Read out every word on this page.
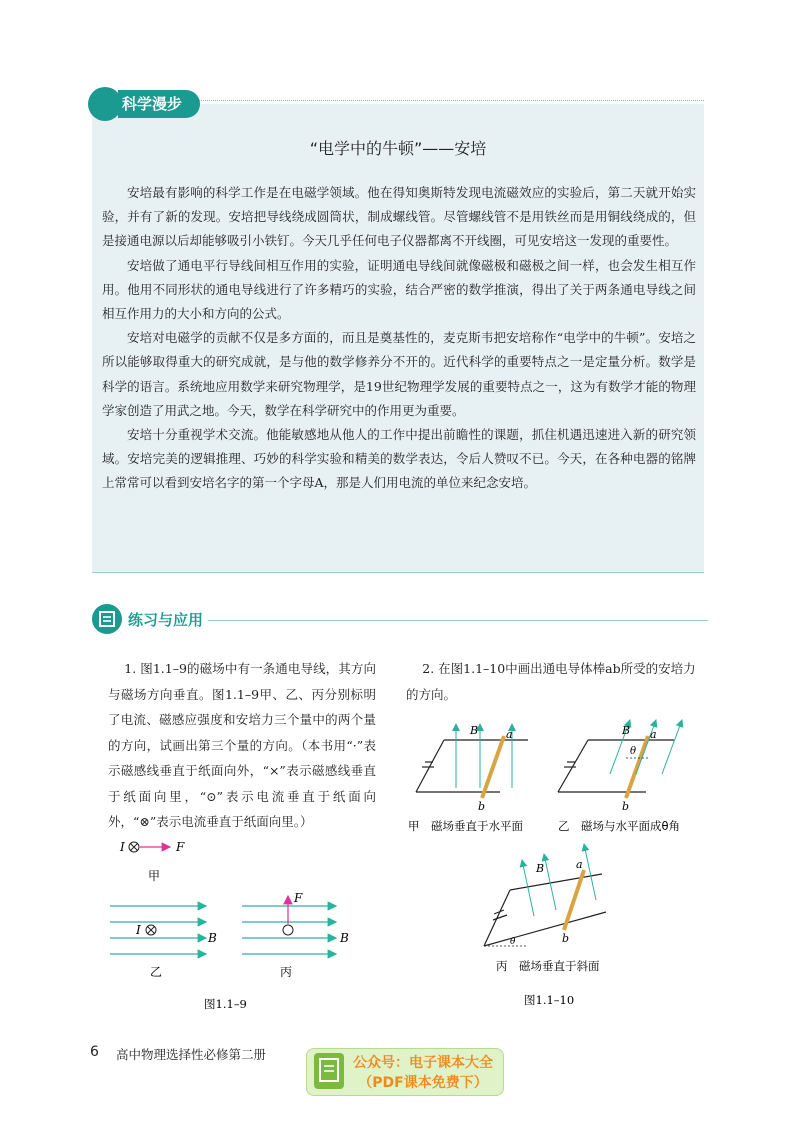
科学漫步
“电学中的牛顿”——安培

安培最有影响的科学工作是在电磁学领域。他在得知奥斯特发现电流磁效应的实验后，第二天就开始实验，并有了新的发现。安培把导线绕成圆筒状，制成螺线管。尽管螺线管不是用铁丝而是用铜线绕成的，但是接通电源以后却能够吸引小铁钉。今天几乎任何电子仪器都离不开线圈，可见安培这一发现的重要性。

安培做了通电平行导线间相互作用的实验，证明通电导线间就像磁极和磁极之间一样，也会发生相互作用。他用不同形状的通电导线进行了许多精巧的实验，结合严密的数学推演，得出了关于两条通电导线之间相互作用力的大小和方向的公式。

安培对电磁学的贡献不仅是多方面的，而且是奠基性的，麦克斯韦把安培称作“电学中的牛顿”。安培之所以能够取得重大的研究成就，是与他的数学修养分不开的。近代科学的重要特点之一是定量分析。数学是科学的语言。系统地应用数学来研究物理学，是19世纪物理学发展的重要特点之一，这为有数学才能的物理学家创造了用武之地。今天，数学在科学研究中的作用更为重要。

安培十分重视学术交流。他能敏感地从他人的工作中提出前瞻性的课题，抓住机遇迅速进入新的研究领域。安培完美的逻辑推理、巧妙的科学实验和精美的数学表达，令后人赞叹不已。今天，在各种电器的铭牌上常常可以看到安培名字的第一个字母A，那是人们用电流的单位来纪念安培。

练习与应用

1. 图1.1–9的磁场中有一条通电导线，其方向与磁场方向垂直。图1.1–9甲、乙、丙分别标明了电流、磁感应强度和安培力三个量中的两个量的方向，试画出第三个量的方向。（本书用“·”表示磁感线垂直于纸面向外，“×”表示磁感线垂直于纸面向里，“⊙”表示电流垂直于纸面向外，“⊗”表示电流垂直于纸面向里。）

2. 在图1.1–10中画出通电导体棒ab所受的安培力的方向。

I	F
甲
I
B
乙
F
B
丙
图1.1–9
B	a
b
甲　磁场垂直于水平面
θ
B a
b
乙　磁场与水平面成θ角
θ
B	a
b
丙　磁场垂直于斜面
图1.1–10
6 高中物理选择性必修第二册
公众号：电子课本大全
（PDF课本免费下）
